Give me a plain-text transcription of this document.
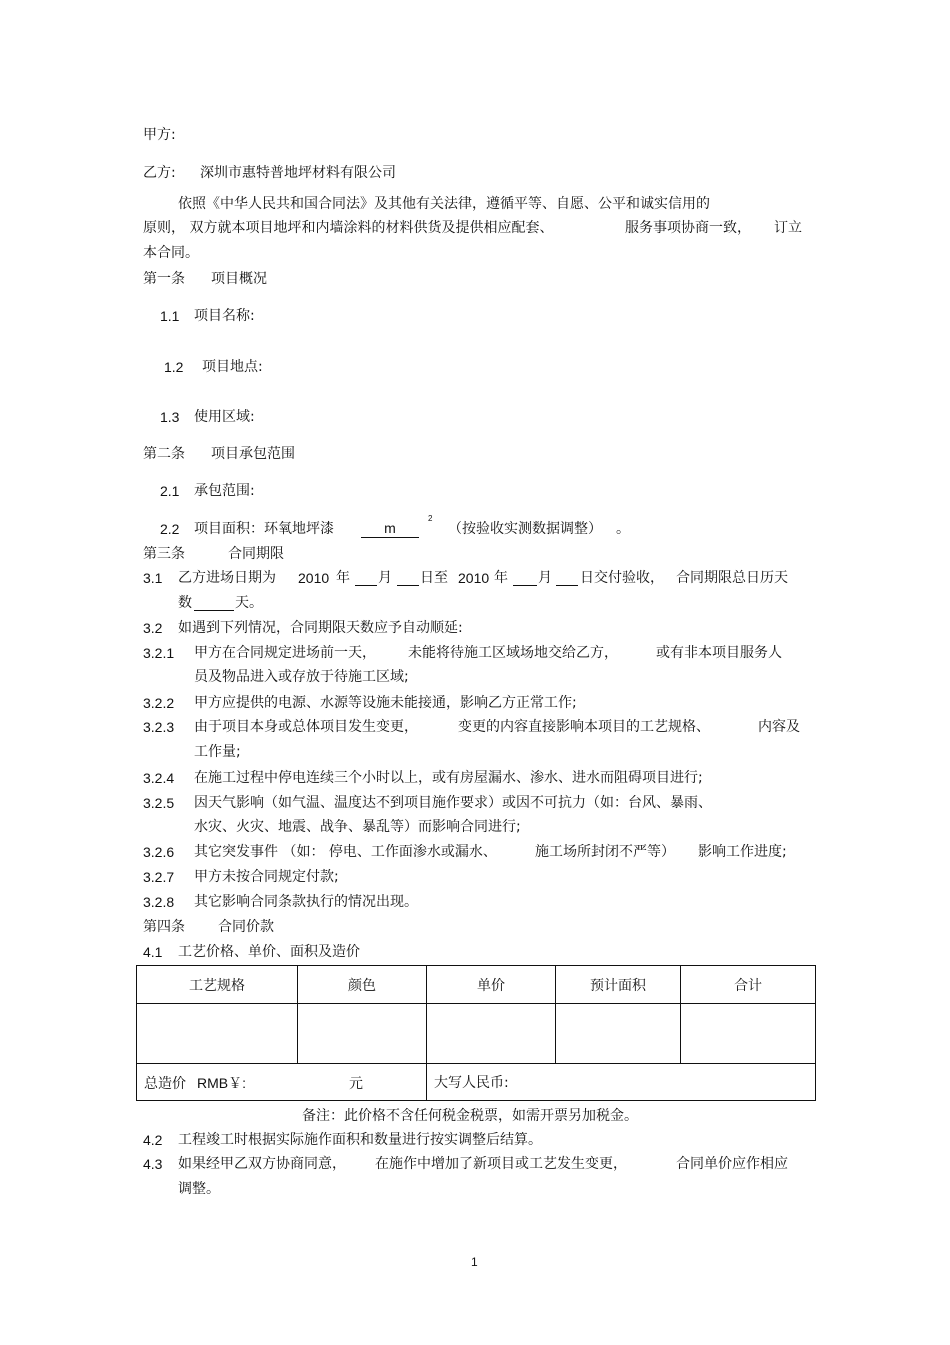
甲方:
乙方: 深圳市惠特普地坪材料有限公司
依照《中华人民共和国合同法》及其他有关法律，遵循平等、自愿、公平和诚实信用的
原则， 双方就本项目地坪和内墙涂料的材料供货及提供相应配套、	服务事项协商一致， 订立
本合同。
第一条 项目概况
1.1 项目名称:
1.2 项目地点:
1.3 使用区域:
第二条 项目承包范围
2.1 承包范围:
2.2 项目面积：环氧地坪漆	m
2
（按验收实测数据调整） 。
第三条	合同期限
3.1 乙方进场日期为 2010 年 月 日至 2010 年 月 日交付验收， 合同期限总日历天
数	天。
3.2 如遇到下列情况，合同期限天数应予自动顺延:
3.2.1 甲方在合同规定进场前一天， 未能将待施工区域场地交给乙方，	或有非本项目服务人
员及物品进入或存放于待施工区域;
3.2.2 甲方应提供的电源、水源等设施未能接通，影响乙方正常工作;
3.2.3 由于项目本身或总体项目发生变更，	变更的内容直接影响本项目的工艺规格、	内容及
工作量;
3.2.4 在施工过程中停电连续三个小时以上，或有房屋漏水、渗水、进水而阻碍项目进行;
3.2.5 因天气影响（如气温、温度达不到项目施作要求）或因不可抗力（如：台风、暴雨、
水灾、火灾、地震、战争、暴乱等）而影响合同进行;
3.2.6 其它突发事件 （如： 停电、工作面渗水或漏水、	施工场所封闭不严等） 影响工作进度;
3.2.7 甲方未按合同规定付款;
3.2.8 其它影响合同条款执行的情况出现。
第四条 合同价款
4.1 工艺价格、单价、面积及造价
工艺规格	颜色	单价	预计面积	合计

总造价 RMB￥: 元		大写人民币:		
备注：此价格不含任何税金税票，如需开票另加税金。
4.2 工程竣工时根据实际施作面积和数量进行按实调整后结算。
4.3 如果经甲乙双方协商同意， 在施作中增加了新项目或工艺发生变更，	合同单价应作相应
调整。
1
